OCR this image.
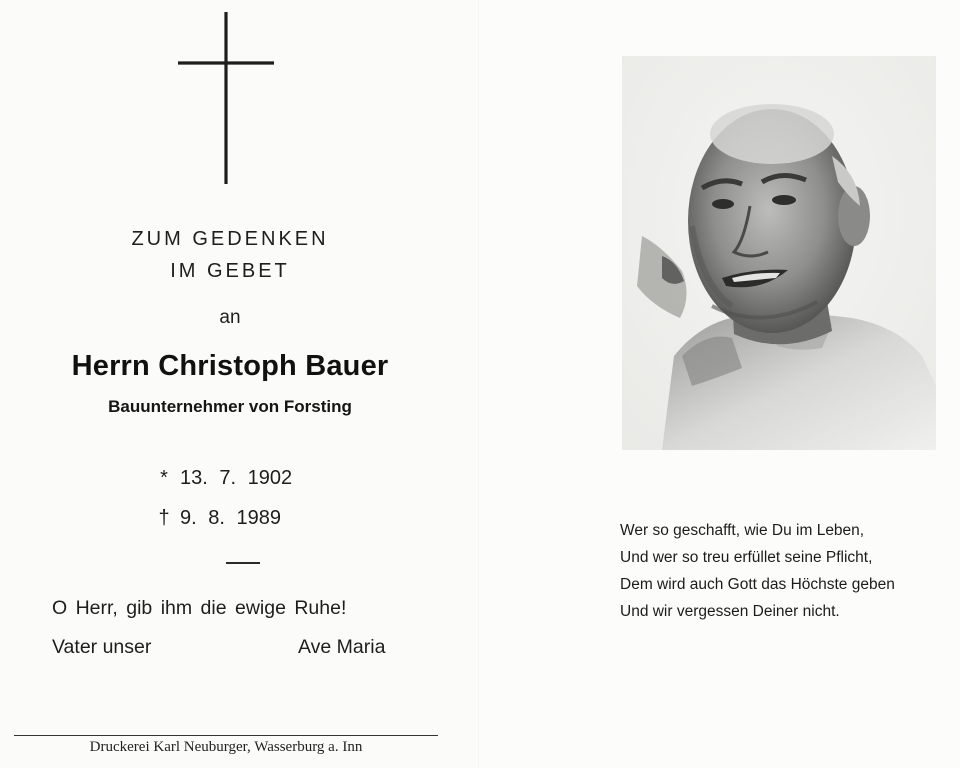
ZUM GEDENKEN
IM GEBET
an
Herrn Christoph Bauer
Bauunternehmer von Forsting
* 13. 7. 1902
† 9. 8. 1989
O Herr, gib ihm die ewige Ruhe!
Vater unser	Ave Maria
Druckerei Karl Neuburger, Wasserburg a. Inn
Wer so geschafft, wie Du im Leben,
Und wer so treu erfüllet seine Pflicht,
Dem wird auch Gott das Höchste geben
Und wir vergessen Deiner nicht.
